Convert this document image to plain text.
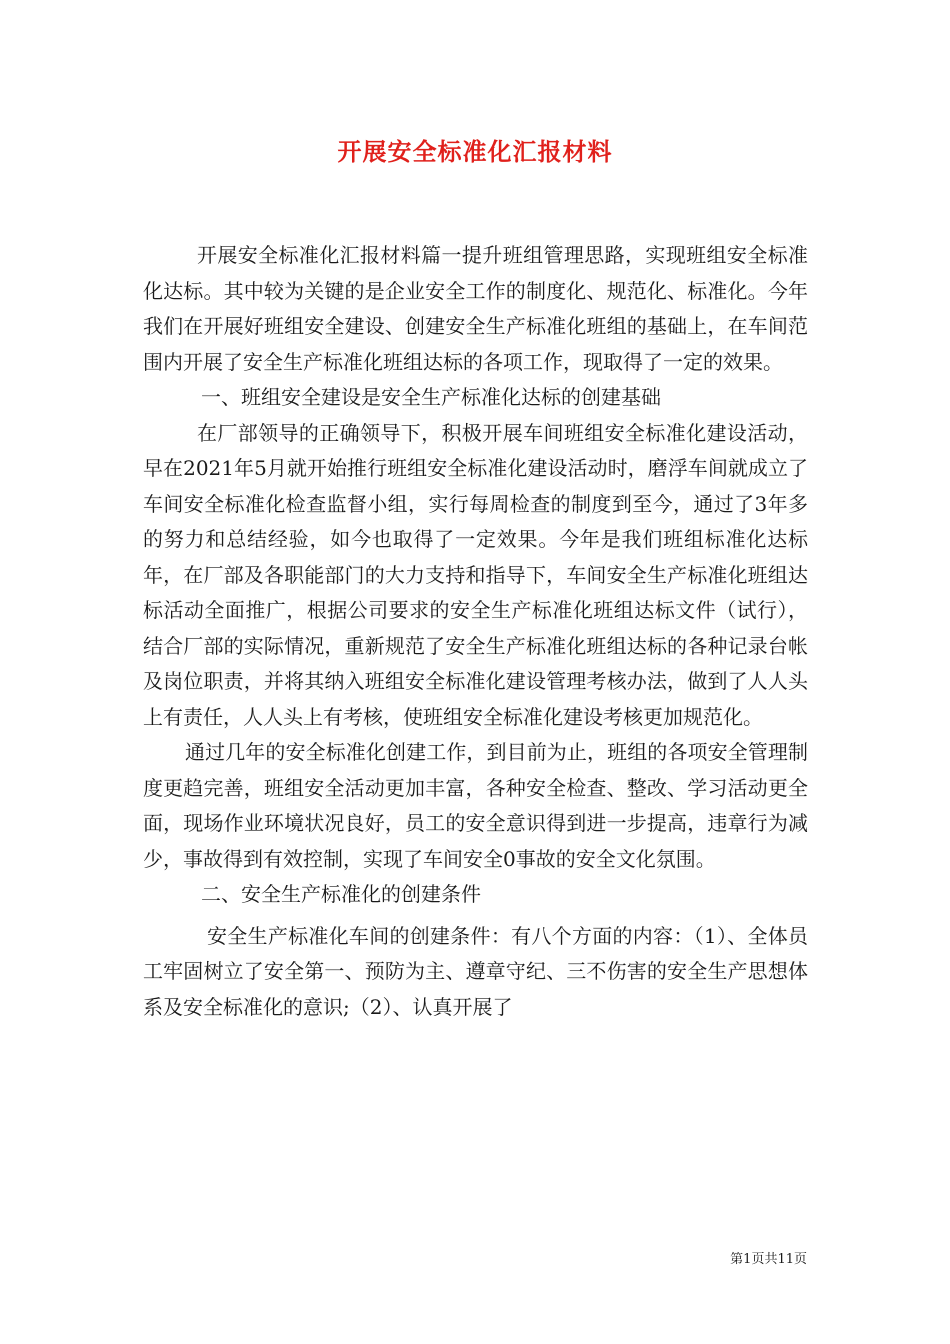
开展安全标准化汇报材料

开展安全标准化汇报材料篇一提升班组管理思路，实现班组安全标准化达标。其中较为关键的是企业安全工作的制度化、规范化、标准化。今年我们在开展好班组安全建设、创建安全生产标准化班组的基础上，在车间范围内开展了安全生产标准化班组达标的各项工作，现取得了一定的效果。

一、班组安全建设是安全生产标准化达标的创建基础

在厂部领导的正确领导下，积极开展车间班组安全标准化建设活动，早在2021年5月就开始推行班组安全标准化建设活动时，磨浮车间就成立了车间安全标准化检查监督小组，实行每周检查的制度到至今，通过了3年多的努力和总结经验，如今也取得了一定效果。今年是我们班组标准化达标年，在厂部及各职能部门的大力支持和指导下，车间安全生产标准化班组达标活动全面推广，根据公司要求的安全生产标准化班组达标文件（试行），结合厂部的实际情况，重新规范了安全生产标准化班组达标的各种记录台帐及岗位职责，并将其纳入班组安全标准化建设管理考核办法，做到了人人头上有责任，人人头上有考核，使班组安全标准化建设考核更加规范化。

通过几年的安全标准化创建工作，到目前为止，班组的各项安全管理制度更趋完善，班组安全活动更加丰富，各种安全检查、整改、学习活动更全面，现场作业环境状况良好，员工的安全意识得到进一步提高，违章行为减少，事故得到有效控制，实现了车间安全0事故的安全文化氛围。

二、安全生产标准化的创建条件

安全生产标准化车间的创建条件：有八个方面的内容：（1）、全体员工牢固树立了安全第一、预防为主、遵章守纪、三不伤害的安全生产思想体系及安全标准化的意识;（2）、认真开展了

第1页共11页
